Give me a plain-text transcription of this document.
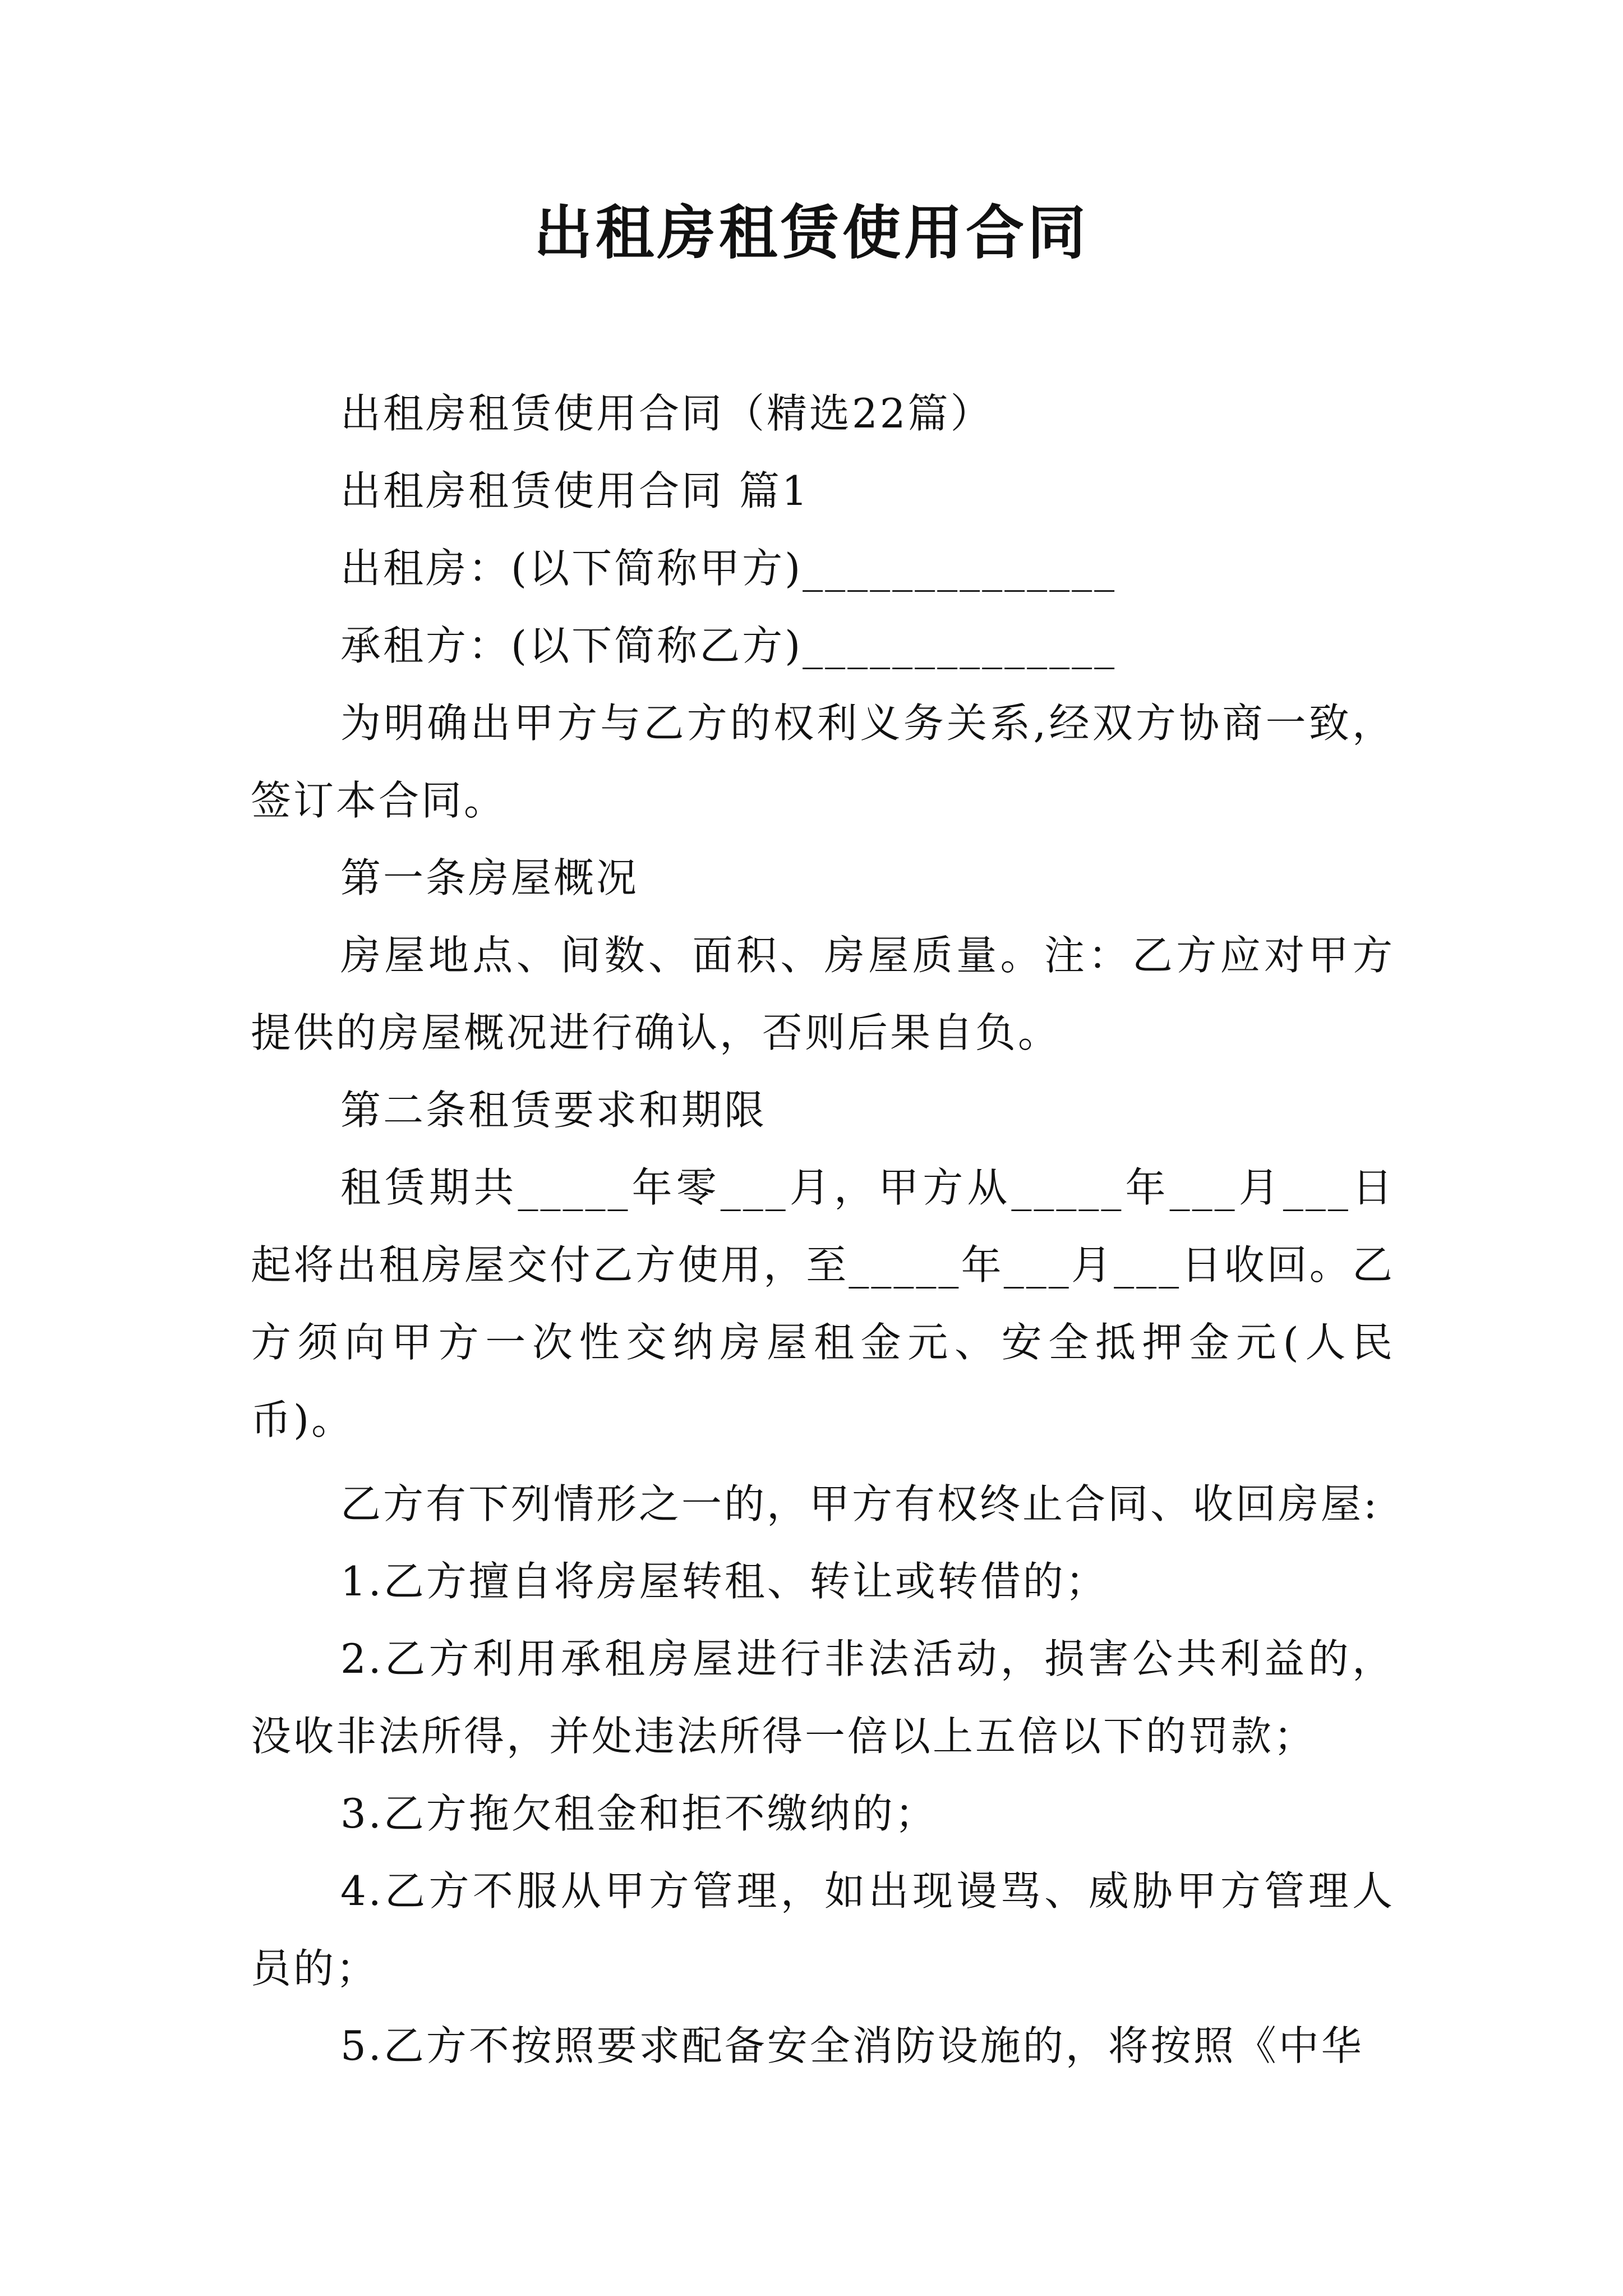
出租房租赁使用合同

出租房租赁使用合同（精选22篇）

出租房租赁使用合同 篇1

出租房：(以下简称甲方)______________

承租方：(以下简称乙方)______________

为明确出甲方与乙方的权利义务关系,经双方协商一致，签订本合同。

第一条房屋概况

房屋地点、间数、面积、房屋质量。注：乙方应对甲方提供的房屋概况进行确认，否则后果自负。

第二条租赁要求和期限

租赁期共_____年零___月，甲方从_____年___月___日起将出租房屋交付乙方使用，至_____年___月___日收回。乙方须向甲方一次性交纳房屋租金元、安全抵押金元(人民币)。

乙方有下列情形之一的，甲方有权终止合同、收回房屋:

1.乙方擅自将房屋转租、转让或转借的；

2.乙方利用承租房屋进行非法活动，损害公共利益的，没收非法所得，并处违法所得一倍以上五倍以下的罚款；

3.乙方拖欠租金和拒不缴纳的；

4.乙方不服从甲方管理，如出现谩骂、威胁甲方管理人员的；

5.乙方不按照要求配备安全消防设施的，将按照《中华
